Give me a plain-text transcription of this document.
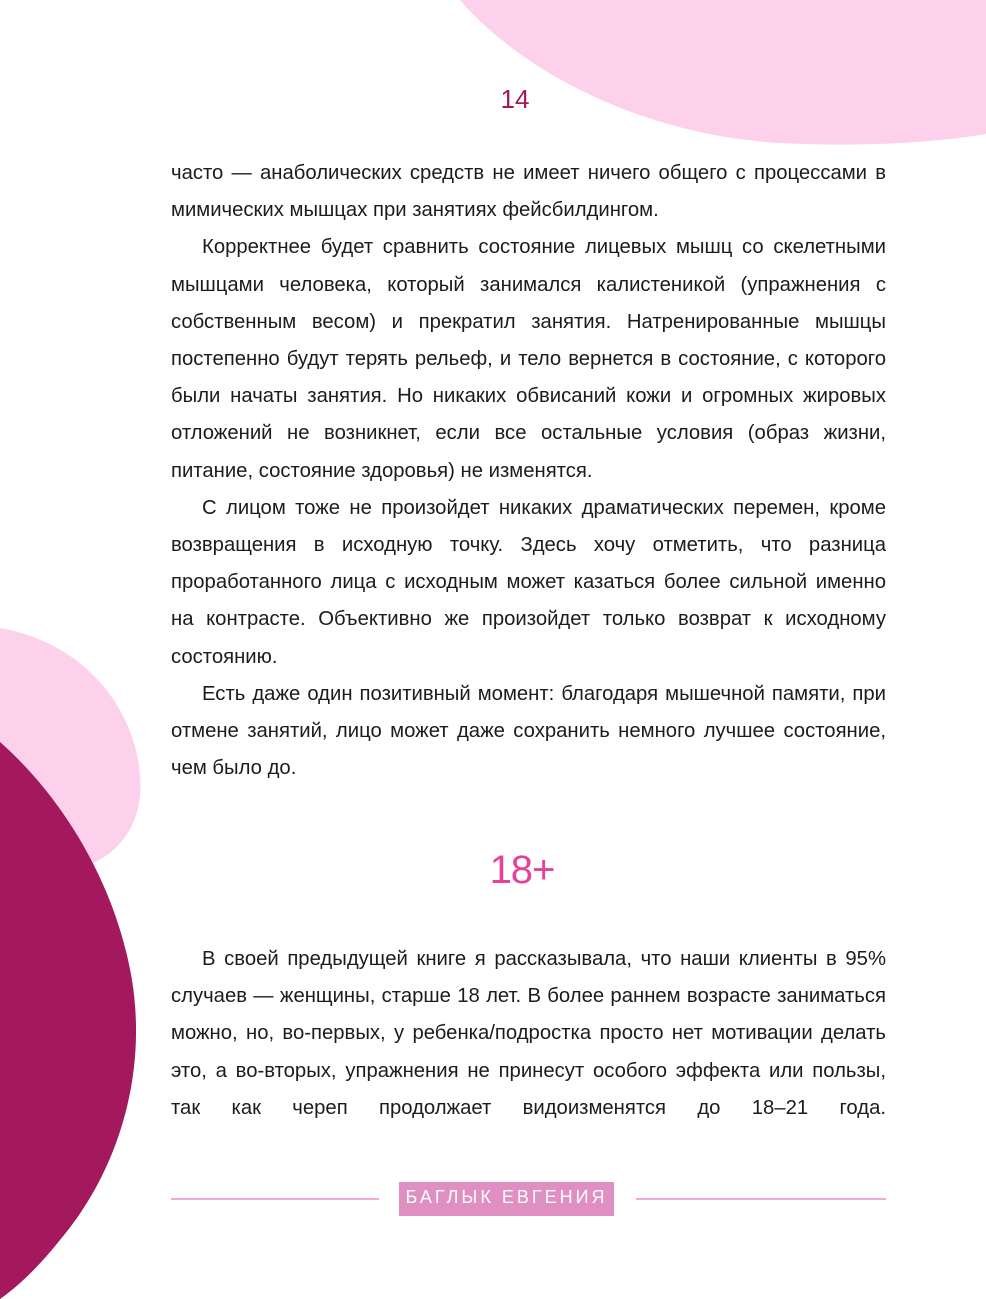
14

часто — анаболических средств не имеет ничего общего с процессами в мимических мышцах при занятиях фейсбилдингом.

Корректнее будет сравнить состояние лицевых мышц со скелетными мышцами человека, который занимался калистеникой (упражнения с собственным весом) и прекратил занятия. Натренированные мышцы постепенно будут терять рельеф, и тело вернется в состояние, с которого были начаты занятия. Но никаких обвисаний кожи и огромных жировых отложений не возникнет, если все остальные условия (образ жизни, питание, состояние здоровья) не изменятся.

С лицом тоже не произойдет никаких драматических перемен, кроме возвращения в исходную точку. Здесь хочу отметить, что разница проработанного лица с исходным может казаться более сильной именно на контрасте. Объективно же произойдет только возврат к исходному состоянию.

Есть даже один позитивный момент: благодаря мышечной памяти, при отмене занятий, лицо может даже сохранить немного лучшее состояние, чем было до.

18+

В своей предыдущей книге я рассказывала, что наши клиенты в 95% случаев — женщины, старше 18 лет. В более раннем возрасте заниматься можно, но, во-первых, у ребенка/подростка просто нет мотивации делать это, а во-вторых, упражнения не принесут особого эффекта или пользы, так как череп продолжает видоизменятся до 18–21 года.

БАГЛЫК ЕВГЕНИЯ
